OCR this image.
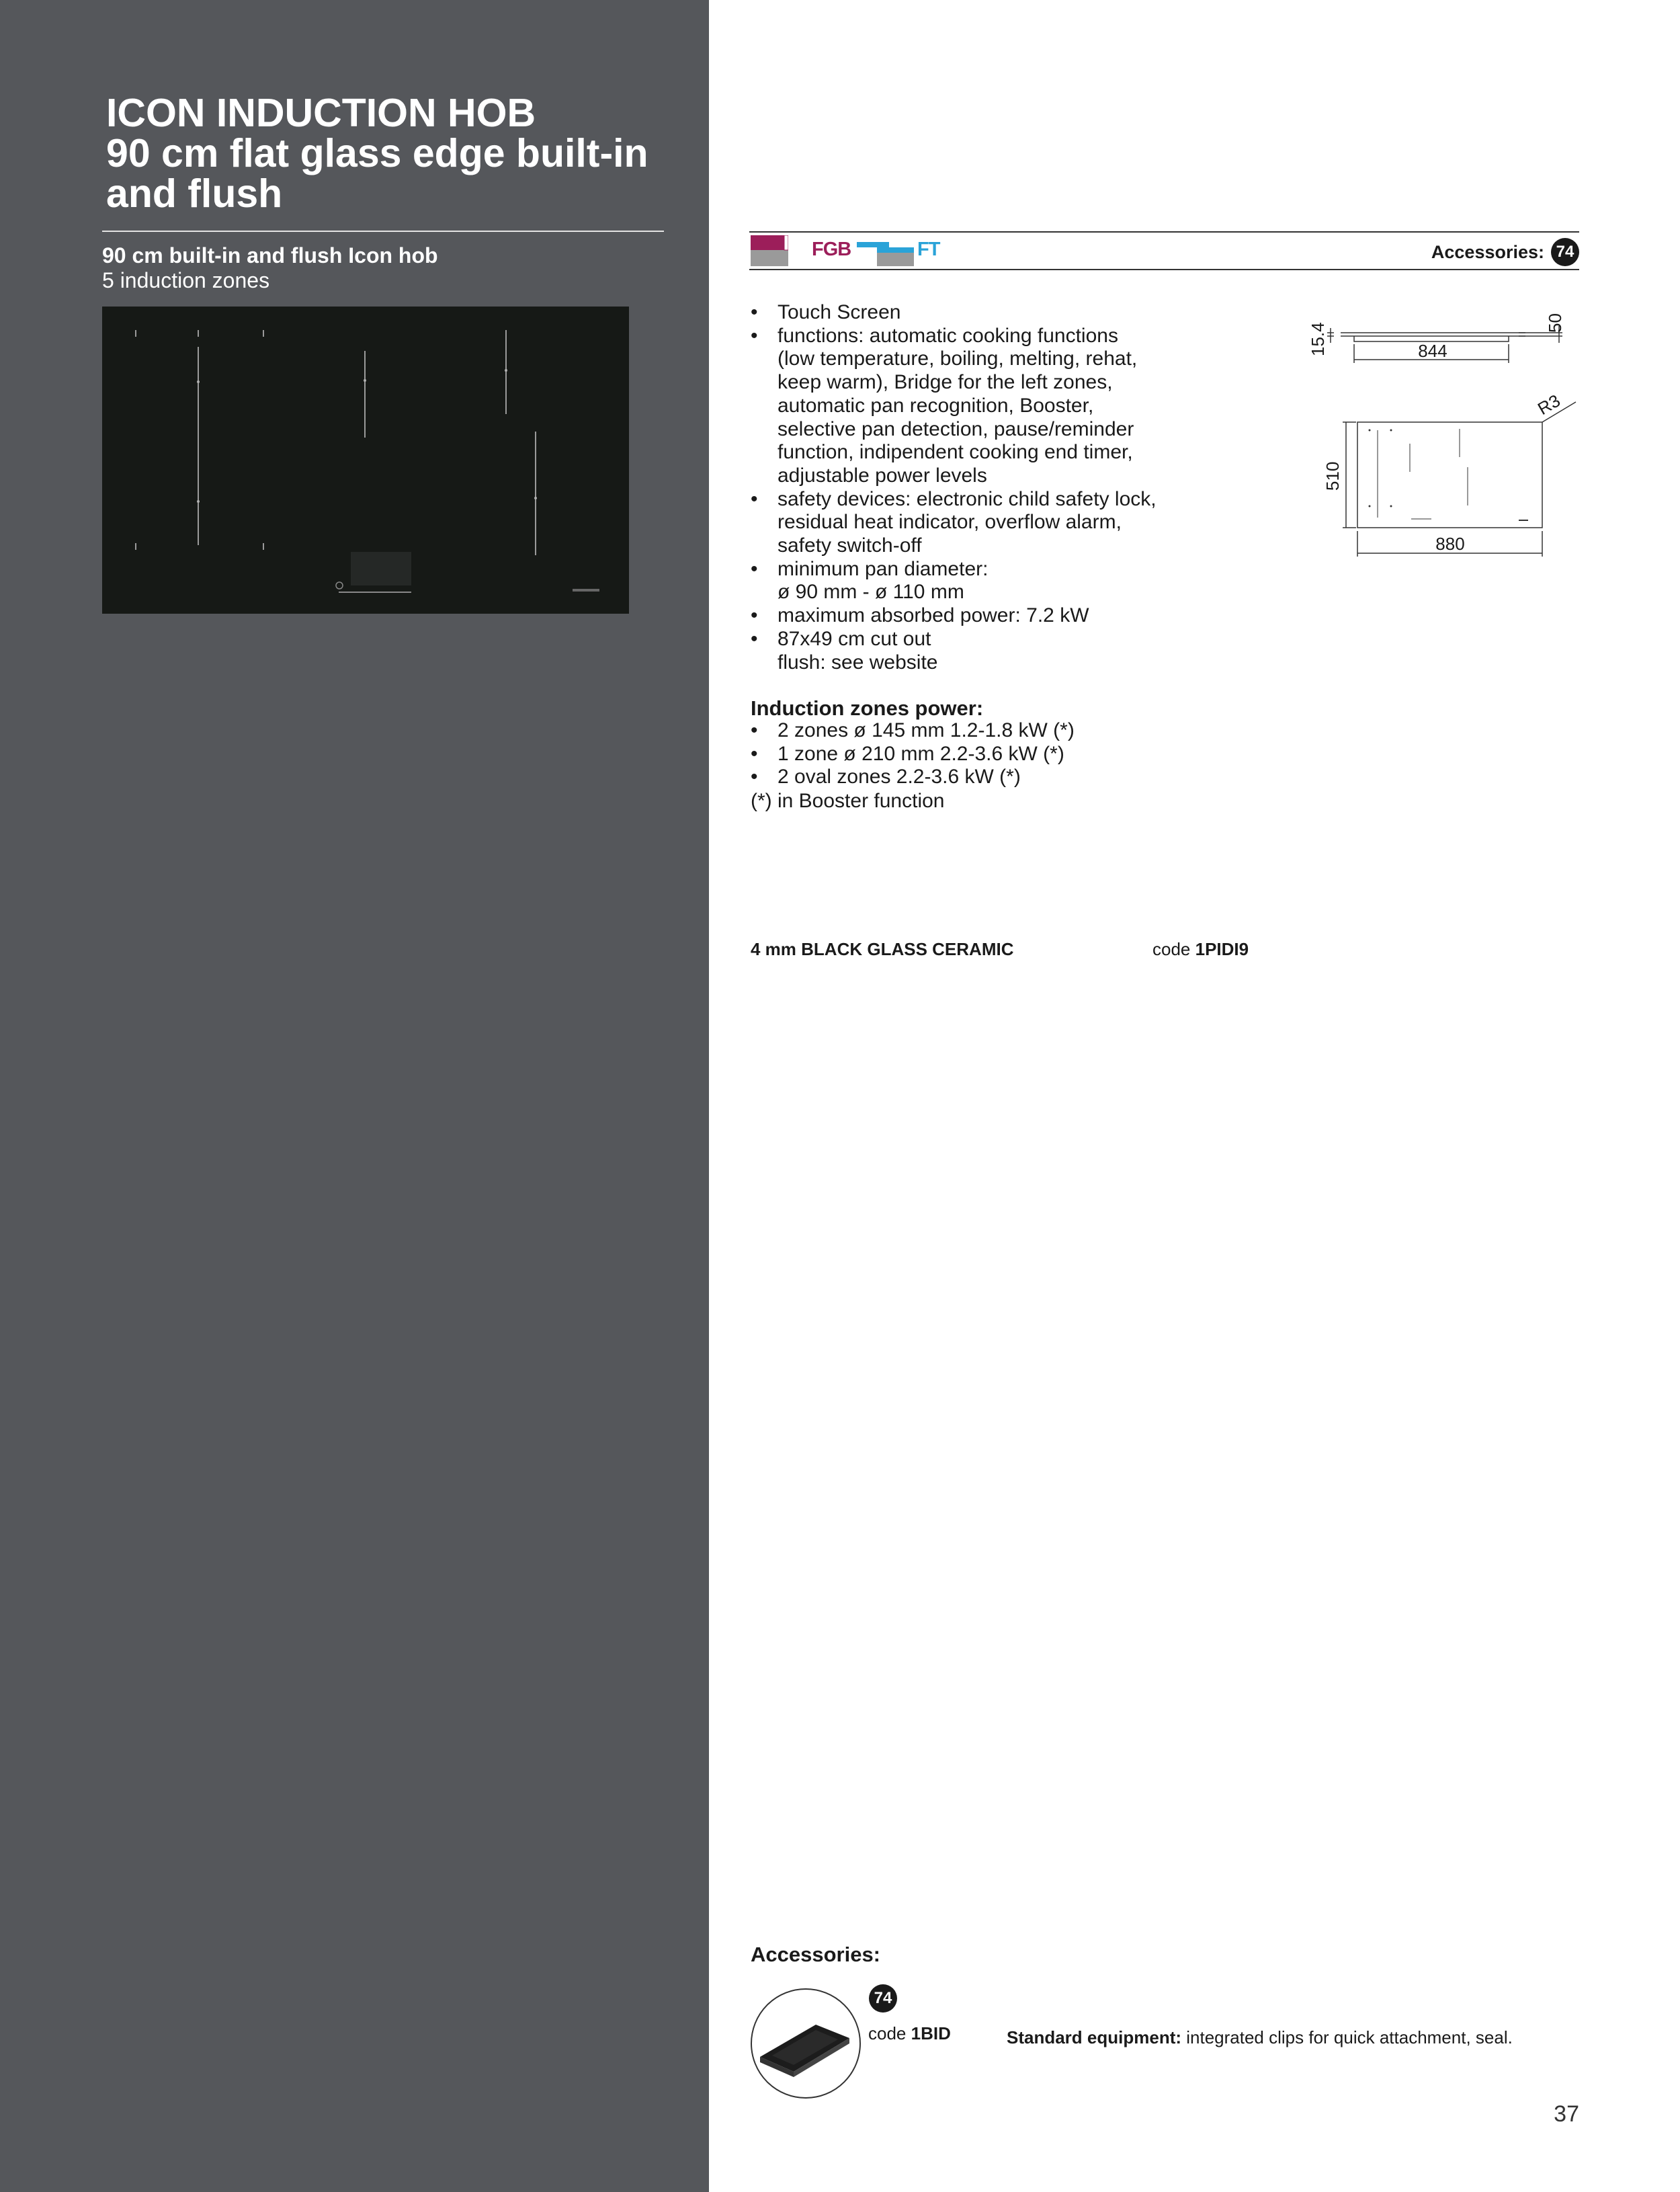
ICON INDUCTION HOB
90 cm flat glass edge built-in
and flush
90 cm built-in and flush Icon hob
5 induction zones
4 FGB	FT	Accessories: 74
• Touch Screen
• functions: automatic cooking functions
(low temperature, boiling, melting, rehat,
keep warm), Bridge for the left zones,
automatic pan recognition, Booster,
selective pan detection, pause/reminder
function, indipendent cooking end timer,
adjustable power levels
• safety devices: electronic child safety lock,
residual heat indicator, overflow alarm,
safety switch-off
• minimum pan diameter:
ø 90 mm - ø 110 mm
• maximum absorbed power: 7.2 kW
• 87x49 cm cut out
flush: see website
Induction zones power:
• 2 zones ø 145 mm 1.2-1.8 kW (*)
• 1 zone ø 210 mm 2.2-3.6 kW (*)
• 2 oval zones 2.2-3.6 kW (*)
(*) in Booster function
4 mm BLACK GLASS CERAMIC	code 1PIDI9
15.4	50
844
R3
510
880
Accessories:
74
code 1BID	Standard equipment: integrated clips for quick attachment, seal.
37
